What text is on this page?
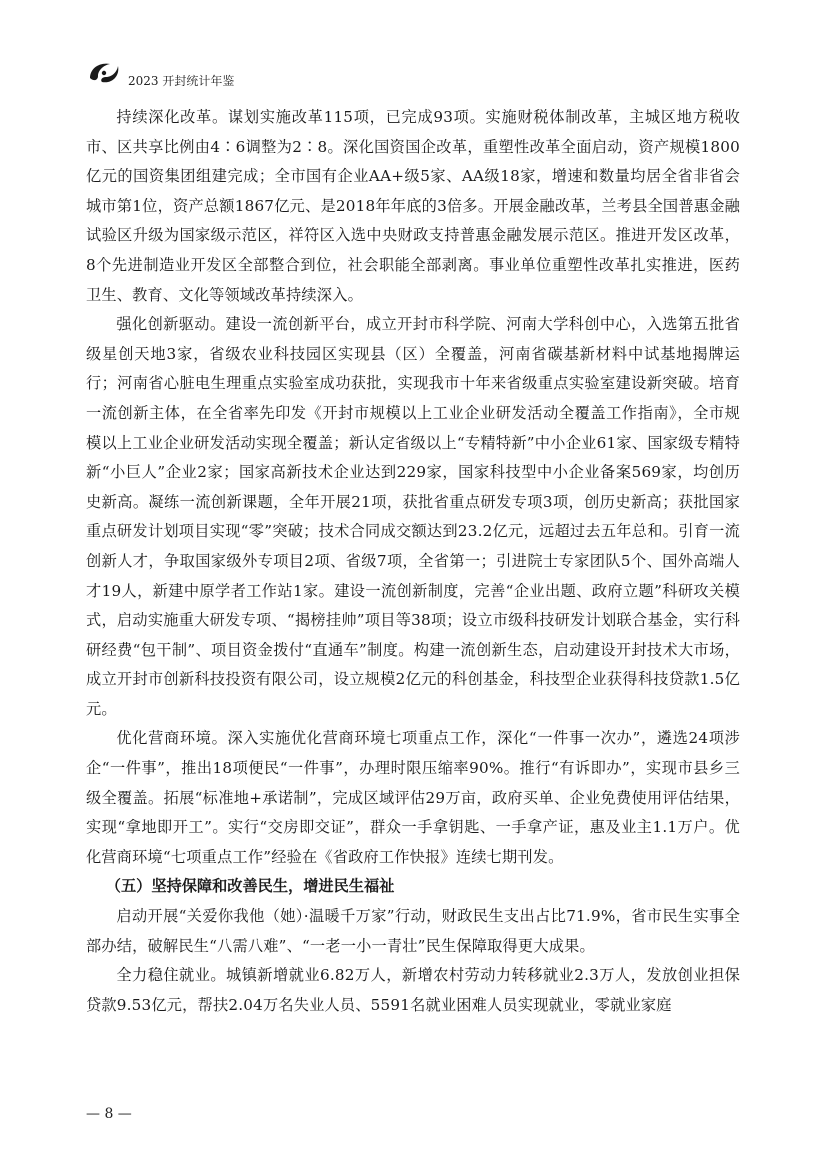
2023 开封统计年鉴

持续深化改革。谋划实施改革115项，已完成93项。实施财税体制改革，主城区地方税收市、区共享比例由4∶6调整为2∶8。深化国资国企改革，重塑性改革全面启动，资产规模1800亿元的国资集团组建完成；全市国有企业AA+级5家、AA级18家，增速和数量均居全省非省会城市第1位，资产总额1867亿元、是2018年年底的3倍多。开展金融改革，兰考县全国普惠金融试验区升级为国家级示范区，祥符区入选中央财政支持普惠金融发展示范区。推进开发区改革，8个先进制造业开发区全部整合到位，社会职能全部剥离。事业单位重塑性改革扎实推进，医药卫生、教育、文化等领域改革持续深入。

强化创新驱动。建设一流创新平台，成立开封市科学院、河南大学科创中心，入选第五批省级星创天地3家，省级农业科技园区实现县（区）全覆盖，河南省碳基新材料中试基地揭牌运行；河南省心脏电生理重点实验室成功获批，实现我市十年来省级重点实验室建设新突破。培育一流创新主体，在全省率先印发《开封市规模以上工业企业研发活动全覆盖工作指南》，全市规模以上工业企业研发活动实现全覆盖；新认定省级以上“专精特新”中小企业61家、国家级专精特新“小巨人”企业2家；国家高新技术企业达到229家，国家科技型中小企业备案569家，均创历史新高。凝练一流创新课题，全年开展21项，获批省重点研发专项3项，创历史新高；获批国家重点研发计划项目实现“零”突破；技术合同成交额达到23.2亿元，远超过去五年总和。引育一流创新人才，争取国家级外专项目2项、省级7项，全省第一；引进院士专家团队5个、国外高端人才19人，新建中原学者工作站1家。建设一流创新制度，完善“企业出题、政府立题”科研攻关模式，启动实施重大研发专项、“揭榜挂帅”项目等38项；设立市级科技研发计划联合基金，实行科研经费“包干制”、项目资金拨付“直通车”制度。构建一流创新生态，启动建设开封技术大市场，成立开封市创新科技投资有限公司，设立规模2亿元的科创基金，科技型企业获得科技贷款1.5亿元。

优化营商环境。深入实施优化营商环境七项重点工作，深化“一件事一次办”，遴选24项涉企“一件事”，推出18项便民“一件事”，办理时限压缩率90%。推行“有诉即办”，实现市县乡三级全覆盖。拓展“标准地+承诺制”，完成区域评估29万亩，政府买单、企业免费使用评估结果，实现“拿地即开工”。实行“交房即交证”，群众一手拿钥匙、一手拿产证，惠及业主1.1万户。优化营商环境“七项重点工作”经验在《省政府工作快报》连续七期刊发。

（五）坚持保障和改善民生，增进民生福祉

启动开展“关爱你我他（她）·温暖千万家”行动，财政民生支出占比71.9%，省市民生实事全部办结，破解民生“八需八难”、“一老一小一青壮”民生保障取得更大成果。

全力稳住就业。城镇新增就业6.82万人，新增农村劳动力转移就业2.3万人，发放创业担保贷款9.53亿元，帮扶2.04万名失业人员、5591名就业困难人员实现就业，零就业家庭

— 8 —
